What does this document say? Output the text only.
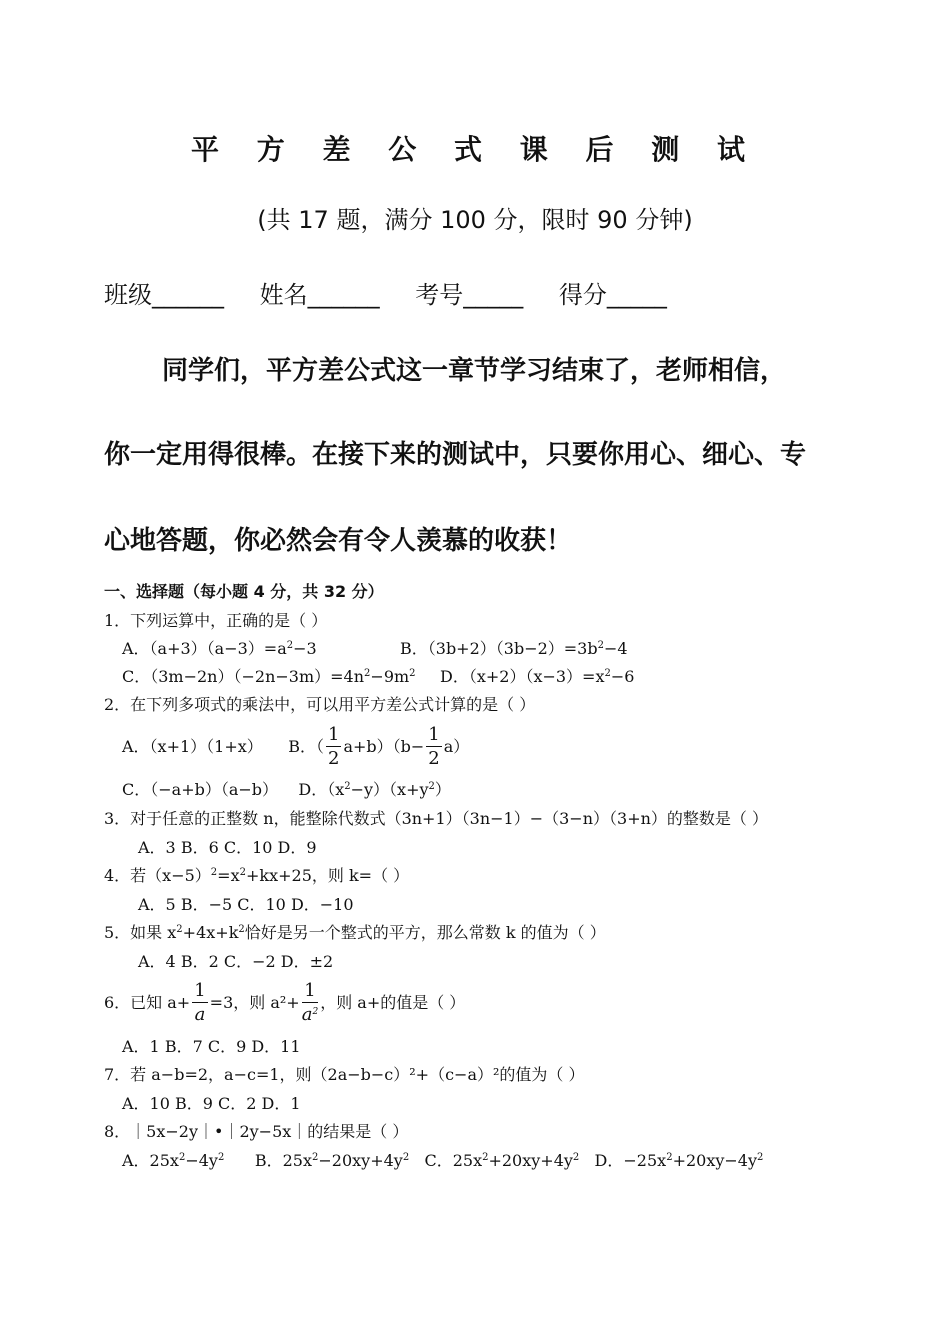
平 方 差 公 式 课 后 测 试
(共 17 题，满分 100 分，限时 90 分钟)
班级______ 姓名______ 考号_____ 得分_____
同学们，平方差公式这一章节学习结束了，老师相信，
你一定用得很棒。在接下来的测试中，只要你用心、细心、专
心地答题，你必然会有令人羡慕的收获！
一、选择题（每小题 4 分，共 32 分）
1．下列运算中，正确的是（ ）
A．$(a+3)(a-3)=a^2-3$	B．$(3b+2)(3b-2)=3b^2-4$
C．$(3m-2n)(-2n-3m)=4n^2-9m^2$ D．$(x+2)(x-3)=x^2-6$
2．在下列多项式的乘法中，可以用平方差公式计算的是（ ）
A．（x+1）（1+x） B．（ $\frac{1}{2} a+b)(b- \frac{1}{2} a)$
C．（−a+b）（a−b） D．$(x^2-y)(x+y^2)$
3．对于任意的正整数 n，能整除代数式（3n+1）（3n−1）−（3−n）（3+n）的整数是（ ）
A．3 B．6 C．10 D．9
4．若$(x-5)^2=x^2+kx+25$，则 k=（ ）
A．5 B．−5 C．10 D．−10
5．如果 $x^2+4x+k^2$恰好是另一个整式的平方，那么常数 k 的值为（ ）
A．4 B．2 C．−2 D．±2
6．已知 $a+ \frac{1}{a} =3$，则 $a^2+ \frac{1}{a^2}$ ，则 a+的值是（ ）
A．1 B．7 C．9 D．11
7．若 a−b=2，a−c=1，则（2a−b−c）²+（c−a）²的值为（ ）
A．10 B．9 C．2 D．1
8．｜5x−2y｜•｜2y−5x｜的结果是（ ）
A．$25x^2-4y^2$      B．$25x^2-20xy+4y^2$   C．$25x^2+20xy+4y^2$   D．$-25x^2+20xy-4y^2$
